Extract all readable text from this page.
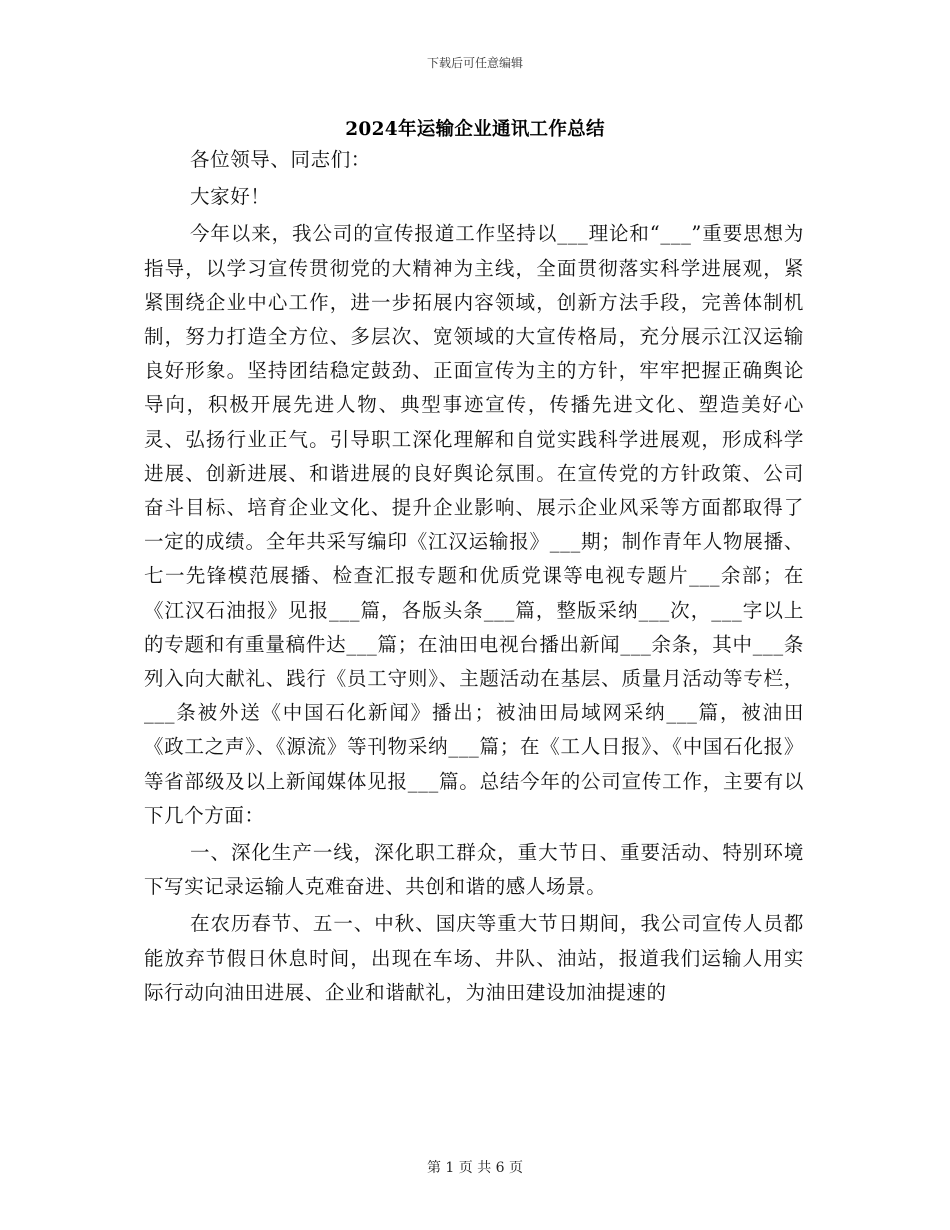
下载后可任意编辑
2024年运输企业通讯工作总结

各位领导、同志们：

大家好！

今年以来，我公司的宣传报道工作坚持以___理论和“___”重要思想为指导，以学习宣传贯彻党的大精神为主线，全面贯彻落实科学进展观，紧紧围绕企业中心工作，进一步拓展内容领域，创新方法手段，完善体制机制，努力打造全方位、多层次、宽领域的大宣传格局，充分展示江汉运输良好形象。坚持团结稳定鼓劲、正面宣传为主的方针，牢牢把握正确舆论导向，积极开展先进人物、典型事迹宣传，传播先进文化、塑造美好心灵、弘扬行业正气。引导职工深化理解和自觉实践科学进展观，形成科学进展、创新进展、和谐进展的良好舆论氛围。在宣传党的方针政策、公司奋斗目标、培育企业文化、提升企业影响、展示企业风采等方面都取得了一定的成绩。全年共采写编印《江汉运输报》___期；制作青年人物展播、七一先锋模范展播、检查汇报专题和优质党课等电视专题片___余部；在《江汉石油报》见报___篇，各版头条___篇，整版采纳___次，___字以上的专题和有重量稿件达___篇；在油田电视台播出新闻___余条，其中___条列入向大献礼、践行《员工守则》、主题活动在基层、质量月活动等专栏，___条被外送《中国石化新闻》播出；被油田局域网采纳___篇，被油田《政工之声》、《源流》等刊物采纳___篇；在《工人日报》、《中国石化报》等省部级及以上新闻媒体见报___篇。总结今年的公司宣传工作，主要有以下几个方面：

一、深化生产一线，深化职工群众，重大节日、重要活动、特别环境下写实记录运输人克难奋进、共创和谐的感人场景。

在农历春节、五一、中秋、国庆等重大节日期间，我公司宣传人员都能放弃节假日休息时间，出现在车场、井队、油站，报道我们运输人用实际行动向油田进展、企业和谐献礼，为油田建设加油提速的

第 1 页 共 6 页
